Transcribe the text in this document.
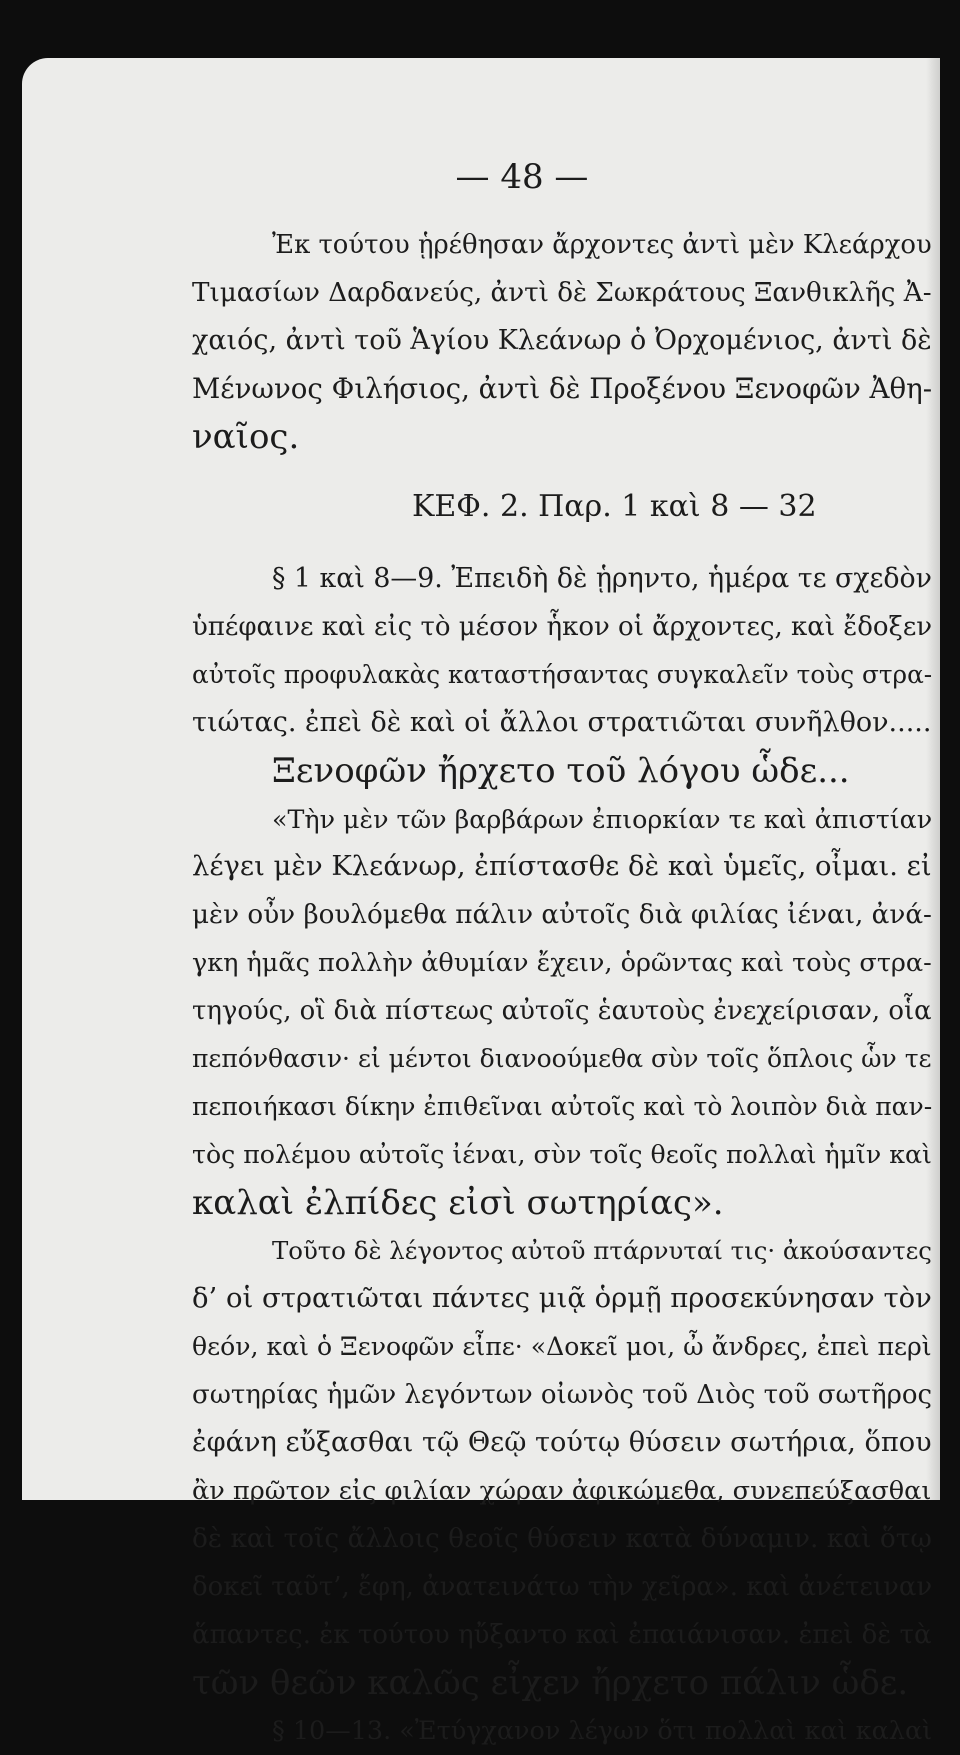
— 48 —

Ἐκ τούτου ᾑρέθησαν ἄρχοντες ἀντὶ μὲν Κλεάρχου

Τιμασίων Δαρδανεύς, ἀντὶ δὲ Σωκράτους Ξανθικλῆς Ἀ-

χαιός, ἀντὶ τοῦ Ἁγίου Κλεάνωρ ὁ Ὀρχομένιος, ἀντὶ δὲ

Μένωνος Φιλήσιος, ἀντὶ δὲ Προξένου Ξενοφῶν Ἀθη-

ναῖος.

ΚΕΦ. 2. Παρ. 1 καὶ 8 — 32

§ 1 καὶ 8—9. Ἐπειδὴ δὲ ᾑρηντο, ἡμέρα τε σχεδὸν

ὑπέφαινε καὶ εἰς τὸ μέσον ἧκον οἱ ἄρχοντες, καὶ ἔδοξεν

αὐτοῖς προφυλακὰς καταστήσαντας συγκαλεῖν τοὺς στρα-

τιώτας. ἐπεὶ δὲ καὶ οἱ ἄλλοι στρατιῶται συνῆλθον.....

Ξενοφῶν ἤρχετο τοῦ λόγου ὧδε...

«Τὴν μὲν τῶν βαρβάρων ἐπιορκίαν τε καὶ ἀπιστίαν

λέγει μὲν Κλεάνωρ, ἐπίστασθε δὲ καὶ ὑμεῖς, οἶμαι. εἰ

μὲν οὖν βουλόμεθα πάλιν αὐτοῖς διὰ φιλίας ἰέναι, ἀνά-

γκη ἡμᾶς πολλὴν ἀθυμίαν ἔχειν, ὁρῶντας καὶ τοὺς στρα-

τηγούς, οἳ διὰ πίστεως αὐτοῖς ἑαυτοὺς ἐνεχείρισαν, οἷα

πεπόνθασιν· εἰ μέντοι διανοούμεθα σὺν τοῖς ὅπλοις ὧν τε

πεποιήκασι δίκην ἐπιθεῖναι αὐτοῖς καὶ τὸ λοιπὸν διὰ παν-

τὸς πολέμου αὐτοῖς ἰέναι, σὺν τοῖς θεοῖς πολλαὶ ἡμῖν καὶ

καλαὶ ἐλπίδες εἰσὶ σωτηρίας».

Τοῦτο δὲ λέγοντος αὐτοῦ πτάρνυταί τις· ἀκούσαντες

δ’ οἱ στρατιῶται πάντες μιᾷ ὁρμῇ προσεκύνησαν τὸν

θεόν, καὶ ὁ Ξενοφῶν εἶπε· «Δοκεῖ μοι, ὦ ἄνδρες, ἐπεὶ περὶ

σωτηρίας ἡμῶν λεγόντων οἰωνὸς τοῦ Διὸς τοῦ σωτῆρος

ἐφάνη εὔξασθαι τῷ Θεῷ τούτῳ θύσειν σωτήρια, ὅπου

ἂν πρῶτον εἰς φιλίαν χώραν ἀφικώμεθα, συνεπεύξασθαι

δὲ καὶ τοῖς ἄλλοις θεοῖς θύσειν κατὰ δύναμιν. καὶ ὅτῳ

δοκεῖ ταῦτ’, ἔφη, ἀνατεινάτω τὴν χεῖρα». καὶ ἀνέτειναν

ἅπαντες. ἐκ τούτου ηὔξαντο καὶ ἐπαιάνισαν. ἐπεὶ δὲ τὰ

τῶν θεῶν καλῶς εἶχεν ἤρχετο πάλιν ὧδε.

§ 10—13. «Ἐτύγχανον λέγων ὅτι πολλαὶ καὶ καλαὶ
